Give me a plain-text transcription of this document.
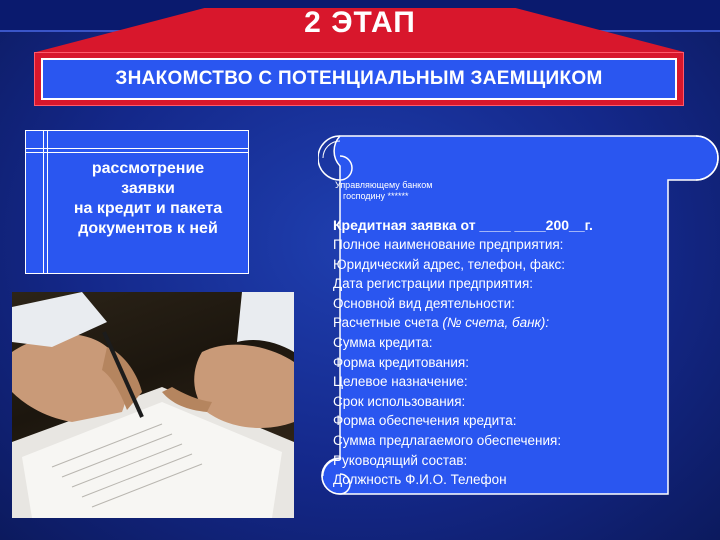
2 ЭТАП
ЗНАКОМСТВО С ПОТЕНЦИАЛЬНЫМ ЗАЕМЩИКОМ
рассмотрение
заявки
на кредит и пакета
документов к ней
Управляющему банком
господину ******
Кредитная заявка от ____ ____200__г.
Полное наименование предприятия:
Юридический адрес, телефон, факс:
Дата регистрации предприятия:
Основной вид деятельности:
Расчетные счета (№ счета, банк):
Сумма кредита:
Форма кредитования:
Целевое назначение:
Срок использования:
Форма обеспечения кредита:
Сумма предлагаемого обеспечения:
Руководящий состав:
Должность Ф.И.О. Телефон
